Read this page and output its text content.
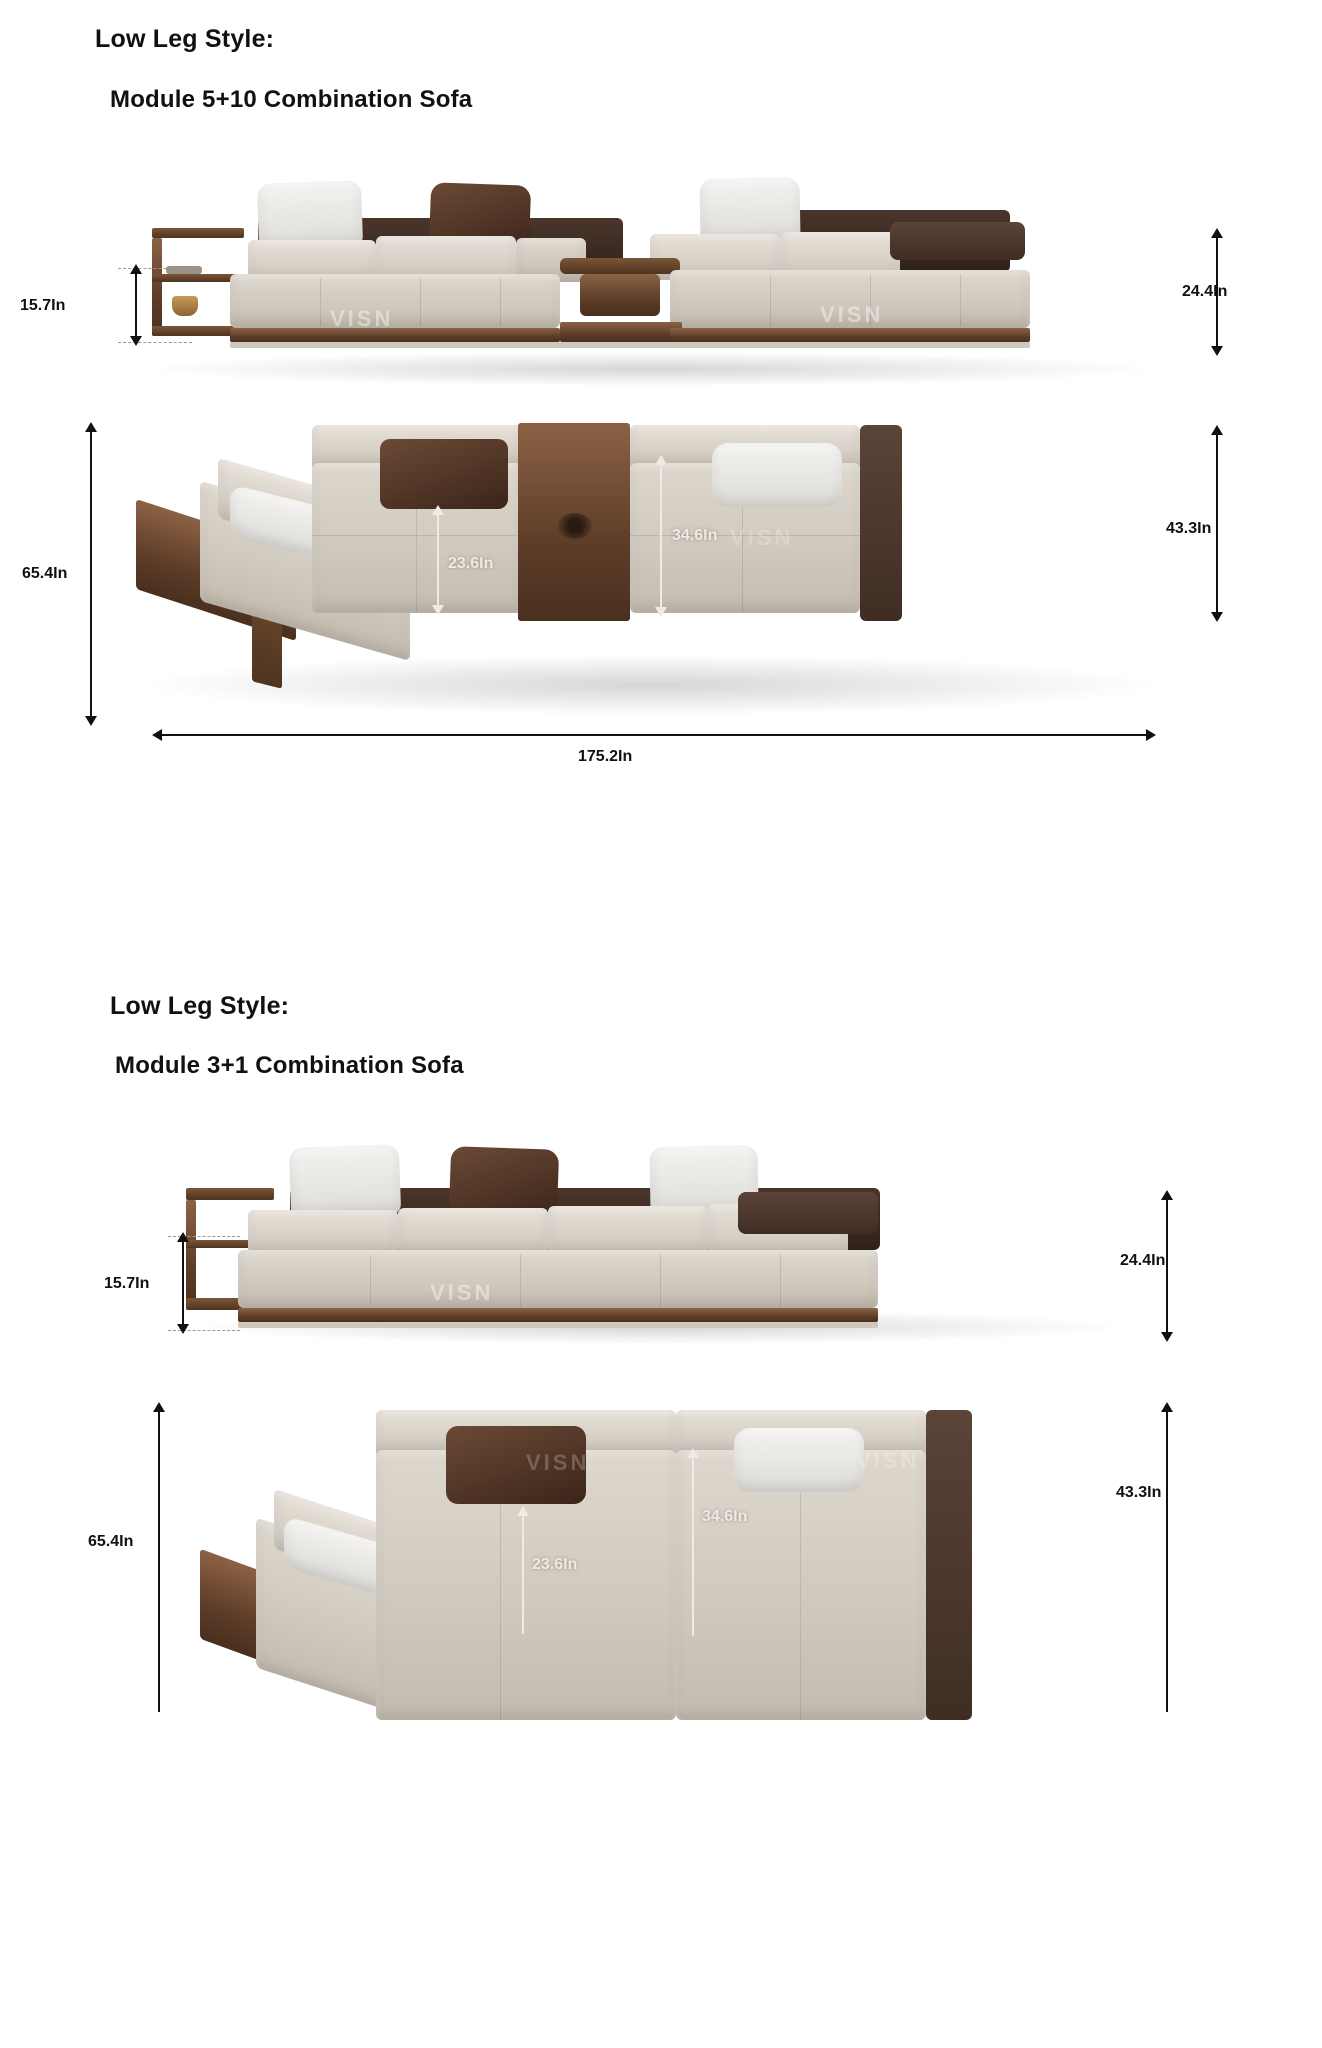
Low Leg Style:
Module 5+10 Combination Sofa
VISN	VISN
15.7In
24.4In
VISN
23.6In
34.6In
65.4In
43.3In
175.2In
Low Leg Style:
Module 3+1 Combination Sofa
VISN
15.7In
24.4In
VISN	VISN
23.6In
34.6In
65.4In
43.3In
